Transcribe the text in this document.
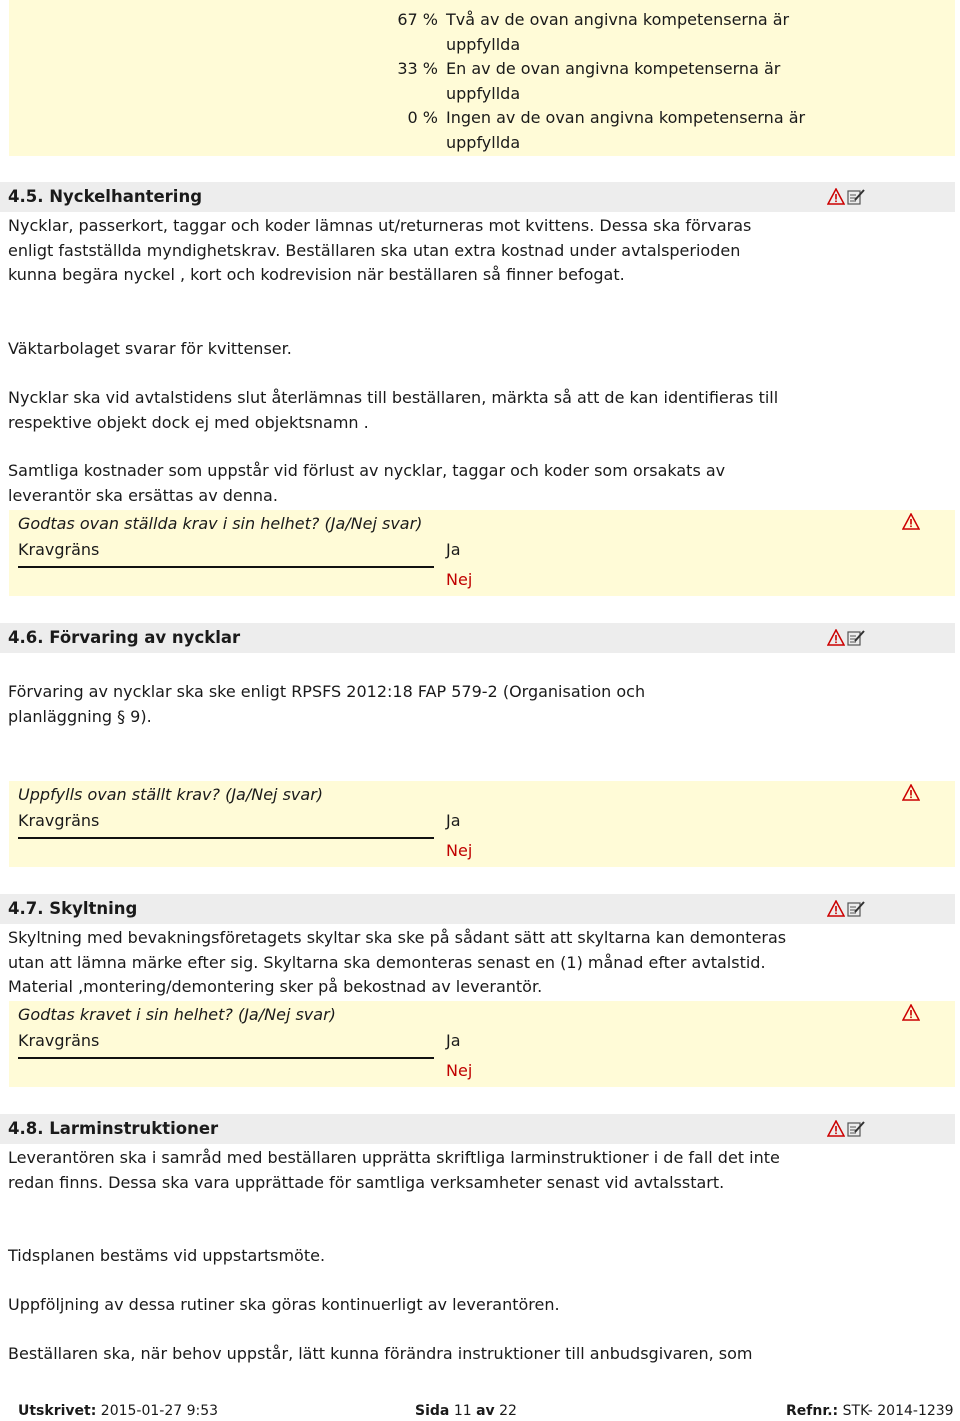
67 % Två av de ovan angivna kompetenserna är uppfyllda
33 % En av de ovan angivna kompetenserna är uppfyllda
0 % Ingen av de ovan angivna kompetenserna är uppfyllda
4.5. Nyckelhantering
Nycklar, passerkort, taggar och koder lämnas ut/returneras mot kvittens. Dessa ska förvaras enligt fastställda myndighetskrav. Beställaren ska utan extra kostnad under avtalsperioden kunna begära nyckel , kort och kodrevision när beställaren så finner befogat.
Väktarbolaget svarar för kvittenser.
Nycklar ska vid avtalstidens slut återlämnas till beställaren, märkta så att de kan identifieras till respektive objekt dock ej med objektsnamn .
Samtliga kostnader som uppstår vid förlust av nycklar, taggar och koder som orsakats av leverantör ska ersättas av denna.
Godtas ovan ställda krav i sin helhet? (Ja/Nej svar)
Kravgräns	Ja
Nej
4.6. Förvaring av nycklar
Förvaring av nycklar ska ske enligt RPSFS 2012:18 FAP 579-2 (Organisation och planläggning § 9).
Uppfylls ovan ställt krav? (Ja/Nej svar)
Kravgräns	Ja
Nej
4.7. Skyltning
Skyltning med bevakningsföretagets skyltar ska ske på sådant sätt att skyltarna kan demonteras utan att lämna märke efter sig. Skyltarna ska demonteras senast en (1) månad efter avtalstid. Material ,montering/demontering sker på bekostnad av leverantör.
Godtas kravet i sin helhet? (Ja/Nej svar)
Kravgräns	Ja
Nej
4.8. Larminstruktioner
Leverantören ska i samråd med beställaren upprätta skriftliga larminstruktioner i de fall det inte redan finns. Dessa ska vara upprättade för samtliga verksamheter senast vid avtalsstart.
Tidsplanen bestäms vid uppstartsmöte.
Uppföljning av dessa rutiner ska göras kontinuerligt av leverantören.
Beställaren ska, när behov uppstår, lätt kunna förändra instruktioner till anbudsgivaren, som
Utskrivet: 2015-01-27 9:53	Sida 11 av 22	Refnr.: STK- 2014-1239
